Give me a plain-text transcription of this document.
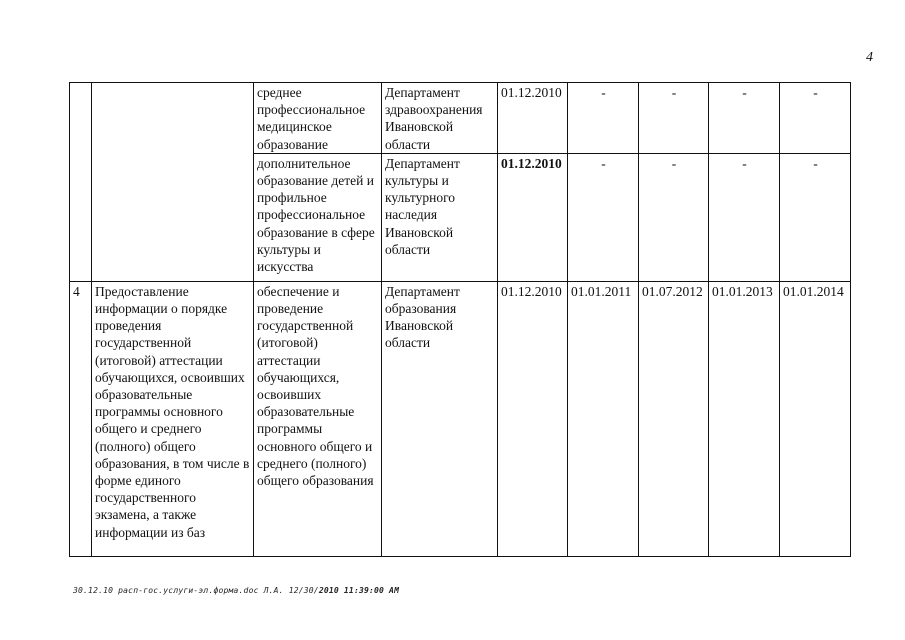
4
		среднее профессиональное медицинское образование	Департамент здравоохранения Ивановской области	01.12.2010	-	-	-	-
		дополнительное образование детей и профильное профессиональное образование в сфере культуры и искусства	Департамент культуры и культурного наследия Ивановской области	01.12.2010	-	-	-	-
4	Предоставление информации о порядке проведения государственной (итоговой) аттестации обучающихся, освоивших образовательные программы основного общего и среднего (полного) общего образования, в том числе в форме единого государственного экзамена, а также информации из баз	обеспечение и проведение государственной (итоговой) аттестации обучающихся, освоивших образовательные программы основного общего и среднего (полного) общего образования	Департамент образования Ивановской области	01.12.2010	01.01.2011	01.07.2012	01.01.2013	01.01.2014
30.12.10 расп-гос.услуги-эл.форма.doc Л.А. 12/30/2010 11:39:00 AM
